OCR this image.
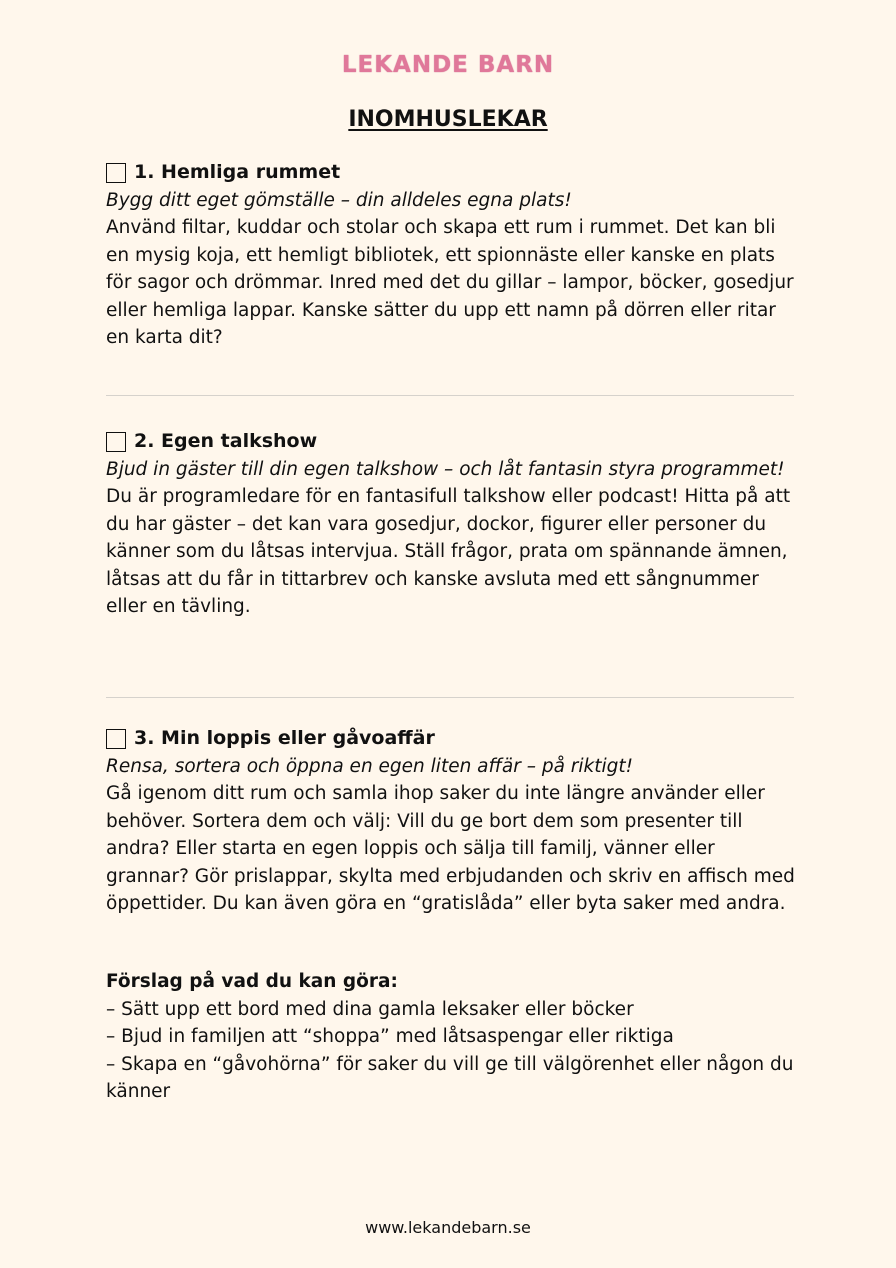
LEKANDE BARN
INOMHUSLEKAR
1. Hemliga rummet

Bygg ditt eget gömställe – din alldeles egna plats!

Använd filtar, kuddar och stolar och skapa ett rum i rummet. Det kan bli en mysig koja, ett hemligt bibliotek, ett spionnäste eller kanske en plats för sagor och drömmar. Inred med det du gillar – lampor, böcker, gosedjur eller hemliga lappar. Kanske sätter du upp ett namn på dörren eller ritar en karta dit?

2. Egen talkshow

Bjud in gäster till din egen talkshow – och låt fantasin styra programmet!

Du är programledare för en fantasifull talkshow eller podcast! Hitta på att du har gäster – det kan vara gosedjur, dockor, figurer eller personer du känner som du låtsas intervjua. Ställ frågor, prata om spännande ämnen, låtsas att du får in tittarbrev och kanske avsluta med ett sångnummer eller en tävling.

3. Min loppis eller gåvoaffär

Rensa, sortera och öppna en egen liten affär – på riktigt!

Gå igenom ditt rum och samla ihop saker du inte längre använder eller behöver. Sortera dem och välj: Vill du ge bort dem som presenter till andra? Eller starta en egen loppis och sälja till familj, vänner eller grannar? Gör prislappar, skylta med erbjudanden och skriv en affisch med öppettider. Du kan även göra en “gratislåda” eller byta saker med andra.

Förslag på vad du kan göra:

– Sätt upp ett bord med dina gamla leksaker eller böcker
– Bjud in familjen att “shoppa” med låtsaspengar eller riktiga
– Skapa en “gåvohörna” för saker du vill ge till välgörenhet eller någon du känner
www.lekandebarn.se
